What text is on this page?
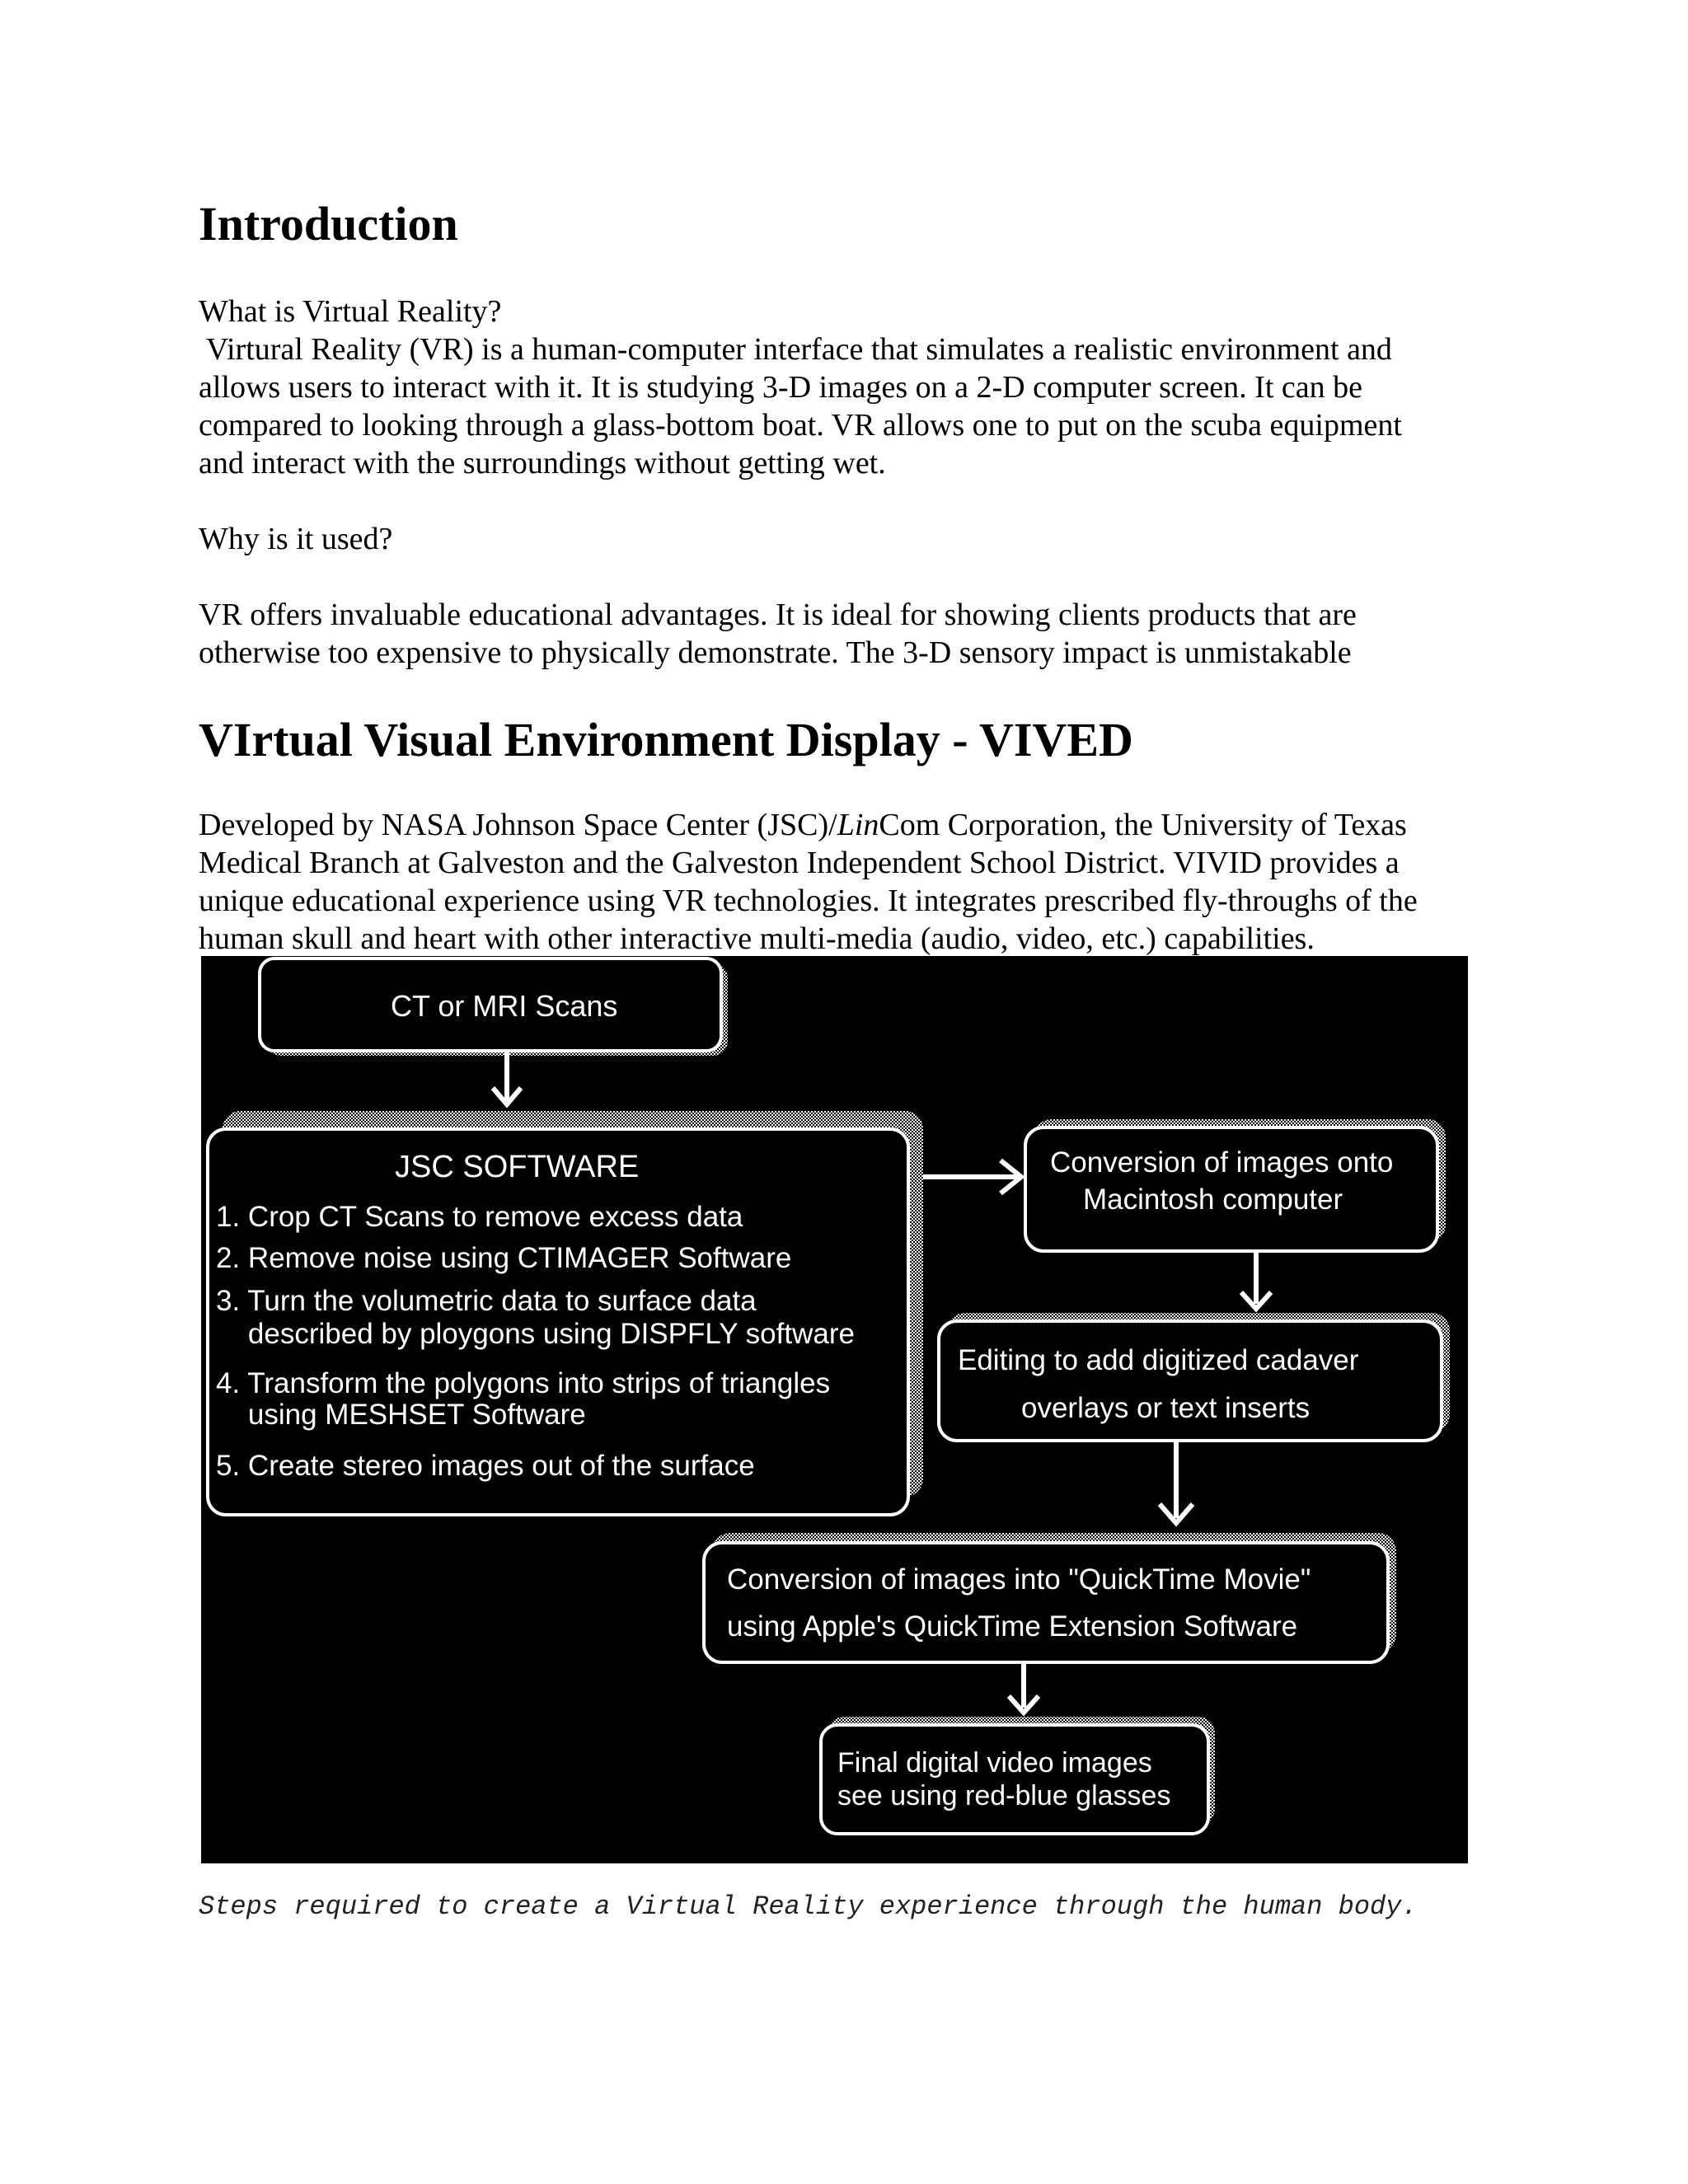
Introduction

What is Virtual Reality?

Virtural Reality (VR) is a human-computer interface that simulates a realistic environment and
allows users to interact with it. It is studying 3-D images on a 2-D computer screen. It can be
compared to looking through a glass-bottom boat. VR allows one to put on the scuba equipment
and interact with the surroundings without getting wet.

Why is it used?

VR offers invaluable educational advantages. It is ideal for showing clients products that are
otherwise too expensive to physically demonstrate. The 3-D sensory impact is unmistakable

VIrtual Visual Environment Display - VIVED

Developed by NASA Johnson Space Center (JSC)/LinCom Corporation, the University of Texas
Medical Branch at Galveston and the Galveston Independent School District. VIVID provides a
unique educational experience using VR technologies. It integrates prescribed fly-throughs of the
human skull and heart with other interactive multi-media (audio, video, etc.) capabilities.

CT or MRI Scans
JSC SOFTWARE
1. Crop CT Scans to remove excess data
2. Remove noise using CTIMAGER Software
3. Turn the volumetric data to surface data
described by ploygons using DISPFLY software
4. Transform the polygons into strips of triangles
using MESHSET Software
5. Create stereo images out of the surface
Conversion of images onto
Macintosh computer
Editing to add digitized cadaver
overlays or text inserts
Conversion of images into "QuickTime Movie"
using Apple's QuickTime Extension Software
Final digital video images
see using red-blue glasses
Steps required to create a Virtual Reality experience through the human body.
